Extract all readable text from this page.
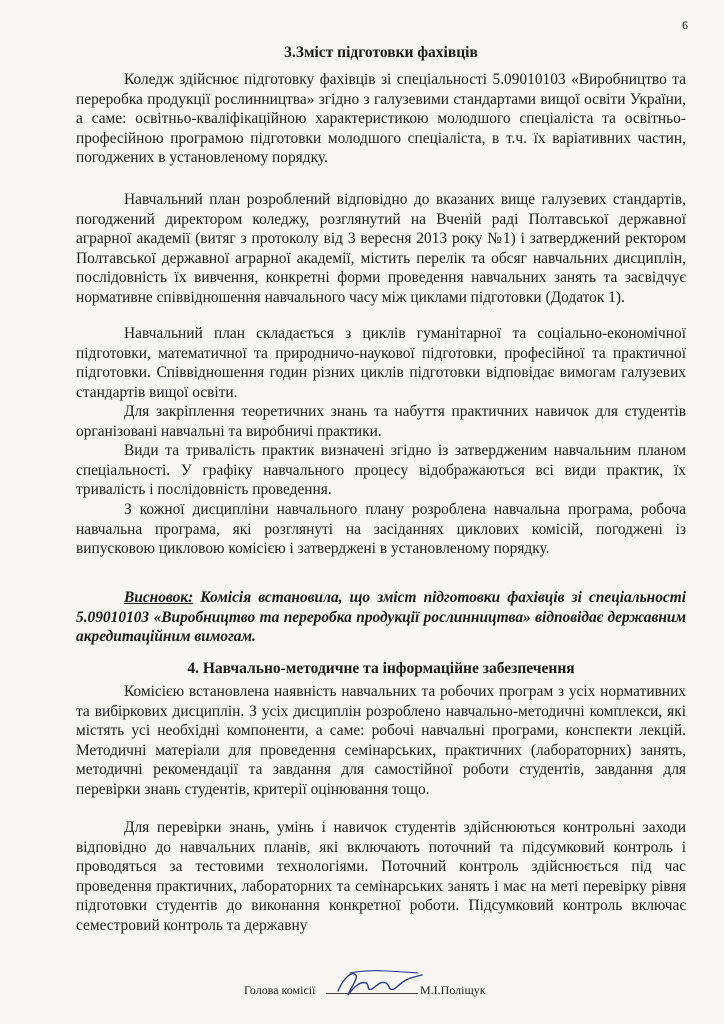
6
3.Зміст підготовки фахівців

Коледж здійснює підготовку фахівців зі спеціальності 5.09010103 «Виробництво та переробка продукції рослинництва» згідно з галузевими стандартами вищої освіти України, а саме: освітньо-кваліфікаційною характеристикою молодшого спеціаліста та освітньо-професійною програмою підготовки молодшого спеціаліста, в т.ч. їх варіативних частин, погоджених в установленому порядку.

Навчальний план розроблений відповідно до вказаних вище галузевих стандартів, погоджений директором коледжу, розглянутий на Вченій раді Полтавської державної аграрної академії (витяг з протоколу від 3 вересня 2013 року №1) і затверджений ректором Полтавської державної аграрної академії, містить перелік та обсяг навчальних дисциплін, послідовність їх вивчення, конкретні форми проведення навчальних занять та засвідчує нормативне співвідношення навчального часу між циклами підготовки (Додаток 1).

Навчальний план складається з циклів гуманітарної та соціально-економічної підготовки, математичної та природничо-наукової підготовки, професійної та практичної підготовки. Співвідношення годин різних циклів підготовки відповідає вимогам галузевих стандартів вищої освіти.

Для закріплення теоретичних знань та набуття практичних навичок для студентів організовані навчальні та виробничі практики.

Види та тривалість практик визначені згідно із затвердженим навчальним планом спеціальності. У графіку навчального процесу відображаються всі види практик, їх тривалість і послідовність проведення.

З кожної дисципліни навчального плану розроблена навчальна програма, робоча навчальна програма, які розглянуті на засіданнях циклових комісій, погоджені із випусковою цикловою комісією і затверджені в установленому порядку.

Висновок: Комісія встановила, що зміст підготовки фахівців зі спеціальності 5.09010103 «Виробництво та переробка продукції рослинництва» відповідає державним акредитаційним вимогам.

4. Навчально-методичне та інформаційне забезпечення

Комісією встановлена наявність навчальних та робочих програм з усіх нормативних та вибіркових дисциплін. З усіх дисциплін розроблено навчально-методичні комплекси, які містять усі необхідні компоненти, а саме: робочі навчальні програми, конспекти лекцій. Методичні матеріали для проведення семінарських, практичних (лабораторних) занять, методичні рекомендації та завдання для самостійної роботи студентів, завдання для перевірки знань студентів, критерії оцінювання тощо.

Для перевірки знань, умінь і навичок студентів здійснюються контрольні заходи відповідно до навчальних планів, які включають поточний та підсумковий контроль і проводяться за тестовими технологіями. Поточний контроль здійснюється під час проведення практичних, лабораторних та семінарських занять і має на меті перевірку рівня підготовки студентів до виконання конкретної роботи. Підсумковий контроль включає семестровий контроль та державну

Голова комісії	М.І.Поліщук
